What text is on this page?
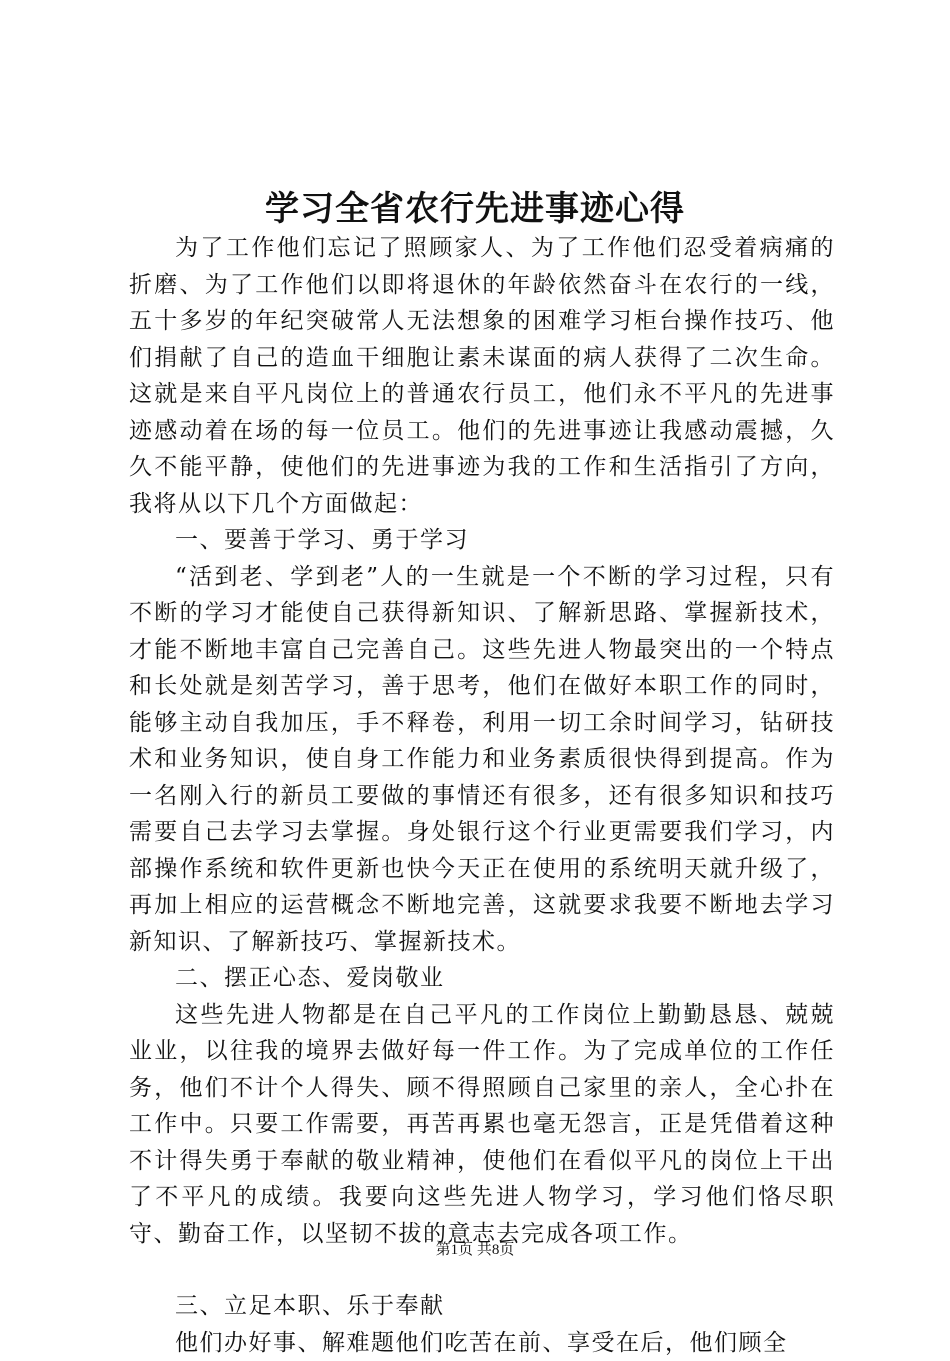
学习全省农行先进事迹心得

为了工作他们忘记了照顾家人、为了工作他们忍受着病痛的折磨、为了工作他们以即将退休的年龄依然奋斗在农行的一线，五十多岁的年纪突破常人无法想象的困难学习柜台操作技巧、他们捐献了自己的造血干细胞让素未谋面的病人获得了二次生命。这就是来自平凡岗位上的普通农行员工，他们永不平凡的先进事迹感动着在场的每一位员工。他们的先进事迹让我感动震撼，久久不能平静，使他们的先进事迹为我的工作和生活指引了方向，我将从以下几个方面做起：

一、要善于学习、勇于学习

“活到老、学到老”人的一生就是一个不断的学习过程，只有不断的学习才能使自己获得新知识、了解新思路、掌握新技术，才能不断地丰富自己完善自己。这些先进人物最突出的一个特点和长处就是刻苦学习，善于思考，他们在做好本职工作的同时，能够主动自我加压，手不释卷，利用一切工余时间学习，钻研技术和业务知识，使自身工作能力和业务素质很快得到提高。作为一名刚入行的新员工要做的事情还有很多，还有很多知识和技巧需要自己去学习去掌握。身处银行这个行业更需要我们学习，内部操作系统和软件更新也快今天正在使用的系统明天就升级了，再加上相应的运营概念不断地完善，这就要求我要不断地去学习新知识、了解新技巧、掌握新技术。

二、摆正心态、爱岗敬业

这些先进人物都是在自己平凡的工作岗位上勤勤恳恳、兢兢业业，以往我的境界去做好每一件工作。为了完成单位的工作任务，他们不计个人得失、顾不得照顾自己家里的亲人，全心扑在工作中。只要工作需要，再苦再累也毫无怨言，正是凭借着这种不计得失勇于奉献的敬业精神，使他们在看似平凡的岗位上干出了不平凡的成绩。我要向这些先进人物学习，学习他们恪尽职守、勤奋工作，以坚韧不拔的意志去完成各项工作。

三、立足本职、乐于奉献

他们办好事、解难题他们吃苦在前、享受在后，他们顾全

第1页 共8页
